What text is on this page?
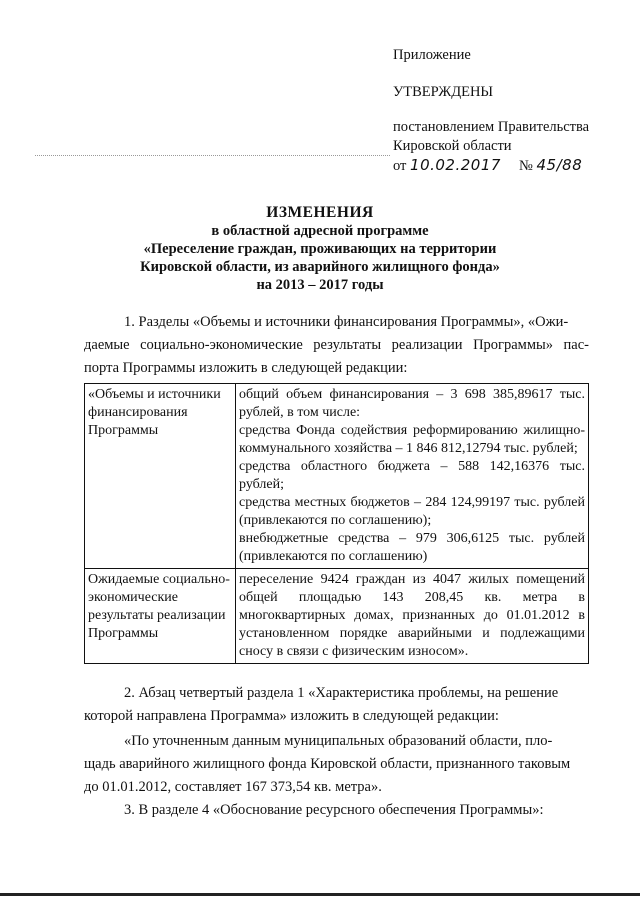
Приложение
УТВЕРЖДЕНЫ
постановлением Правительства
Кировской области
от 10.02.2017 № 45/88
ИЗМЕНЕНИЯ
в областной адресной программе
«Переселение граждан, проживающих на территории
Кировской области, из аварийного жилищного фонда»
на 2013 – 2017 годы
1. Разделы «Объемы и источники финансирования Программы», «Ожи-
даемые социально-экономические результаты реализации Программы» пас-
порта Программы изложить в следующей редакции:
«Объемы и источники финансирования Программы	общий объем финансирования – 3 698 385,89617 тыс. рублей, в том числе:
средства Фонда содействия реформированию жилищно-коммунального хозяйства – 1 846 812,12794 тыс. рублей;
средства областного бюджета – 588 142,16376 тыс. рублей;
средства местных бюджетов – 284 124,99197 тыс. рублей (привлекаются по соглашению);
внебюджетные средства – 979 306,6125 тыс. рублей (привлекаются по соглашению)

Ожидаемые социально-экономические результаты реализации Программы	переселение 9424 граждан из 4047 жилых помещений общей площадью 143 208,45 кв. метра в многоквартирных домах, признанных до 01.01.2012 в установленном порядке аварийными и подлежащими сносу в связи с физическим износом».
2. Абзац четвертый раздела 1 «Характеристика проблемы, на решение
которой направлена Программа» изложить в следующей редакции:
«По уточненным данным муниципальных образований области, пло-
щадь аварийного жилищного фонда Кировской области, признанного таковым
до 01.01.2012, составляет 167 373,54 кв. метра».
3. В разделе 4 «Обоснование ресурсного обеспечения Программы»:
